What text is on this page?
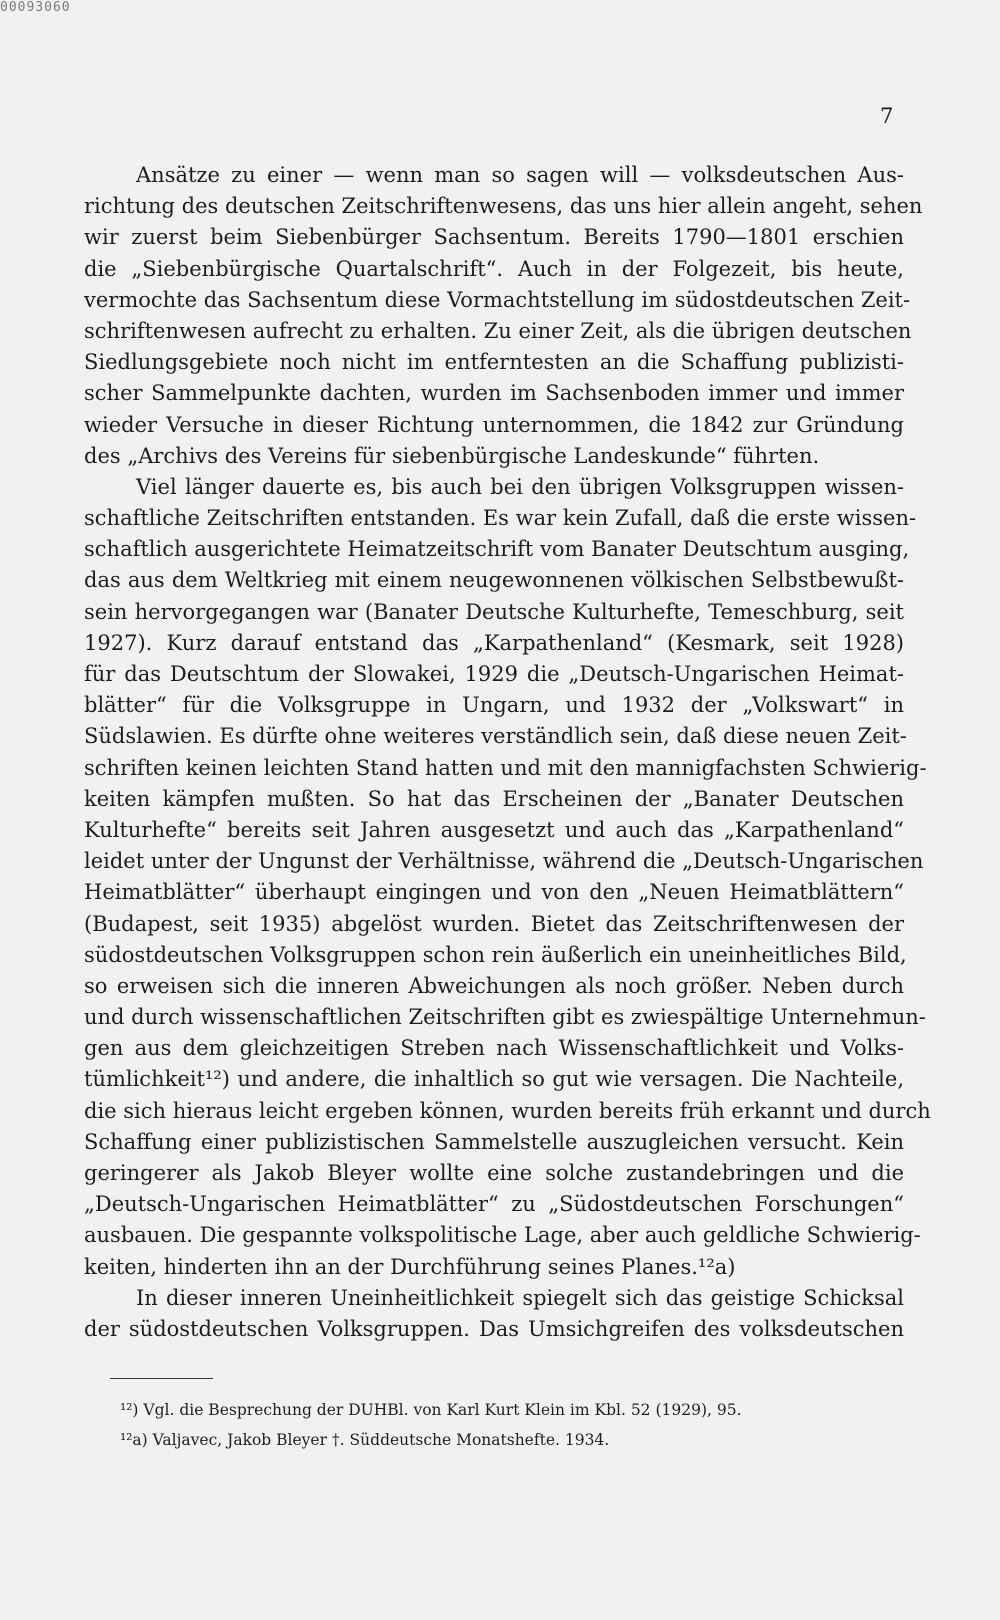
00093060
7
Ansätze zu einer — wenn man so sagen will — volksdeutschen Aus-
richtung des deutschen Zeitschriftenwesens, das uns hier allein angeht, sehen
wir zuerst beim Siebenbürger Sachsentum. Bereits 1790—1801 erschien
die „Siebenbürgische Quartalschrift“. Auch in der Folgezeit, bis heute,
vermochte das Sachsentum diese Vormachtstellung im südostdeutschen Zeit-
schriftenwesen aufrecht zu erhalten. Zu einer Zeit, als die übrigen deutschen
Siedlungsgebiete noch nicht im entferntesten an die Schaffung publizisti-
scher Sammelpunkte dachten, wurden im Sachsenboden immer und immer
wieder Versuche in dieser Richtung unternommen, die 1842 zur Gründung
des „Archivs des Vereins für siebenbürgische Landeskunde“ führten.
Viel länger dauerte es, bis auch bei den übrigen Volksgruppen wissen-
schaftliche Zeitschriften entstanden. Es war kein Zufall, daß die erste wissen-
schaftlich ausgerichtete Heimatzeitschrift vom Banater Deutschtum ausging,
das aus dem Weltkrieg mit einem neugewonnenen völkischen Selbstbewußt-
sein hervorgegangen war (Banater Deutsche Kulturhefte, Temeschburg, seit
1927). Kurz darauf entstand das „Karpathenland“ (Kesmark, seit 1928)
für das Deutschtum der Slowakei, 1929 die „Deutsch-Ungarischen Heimat-
blätter“ für die Volksgruppe in Ungarn, und 1932 der „Volkswart“ in
Südslawien. Es dürfte ohne weiteres verständlich sein, daß diese neuen Zeit-
schriften keinen leichten Stand hatten und mit den mannigfachsten Schwierig-
keiten kämpfen mußten. So hat das Erscheinen der „Banater Deutschen
Kulturhefte“ bereits seit Jahren ausgesetzt und auch das „Karpathenland“
leidet unter der Ungunst der Verhältnisse, während die „Deutsch-Ungarischen
Heimatblätter“ überhaupt eingingen und von den „Neuen Heimatblättern“
(Budapest, seit 1935) abgelöst wurden. Bietet das Zeitschriftenwesen der
südostdeutschen Volksgruppen schon rein äußerlich ein uneinheitliches Bild,
so erweisen sich die inneren Abweichungen als noch größer. Neben durch
und durch wissenschaftlichen Zeitschriften gibt es zwiespältige Unternehmun-
gen aus dem gleichzeitigen Streben nach Wissenschaftlichkeit und Volks-
tümlichkeit¹²) und andere, die inhaltlich so gut wie versagen. Die Nachteile,
die sich hieraus leicht ergeben können, wurden bereits früh erkannt und durch
Schaffung einer publizistischen Sammelstelle auszugleichen versucht. Kein
geringerer als Jakob Bleyer wollte eine solche zustandebringen und die
„Deutsch-Ungarischen Heimatblätter“ zu „Südostdeutschen Forschungen“
ausbauen. Die gespannte volkspolitische Lage, aber auch geldliche Schwierig-
keiten, hinderten ihn an der Durchführung seines Planes.¹²a)
In dieser inneren Uneinheitlichkeit spiegelt sich das geistige Schicksal
der südostdeutschen Volksgruppen. Das Umsichgreifen des volksdeutschen
¹²) Vgl. die Besprechung der DUHBl. von Karl Kurt Klein im Kbl. 52 (1929), 95.
¹²a) Valjavec, Jakob Bleyer †. Süddeutsche Monatshefte. 1934.
